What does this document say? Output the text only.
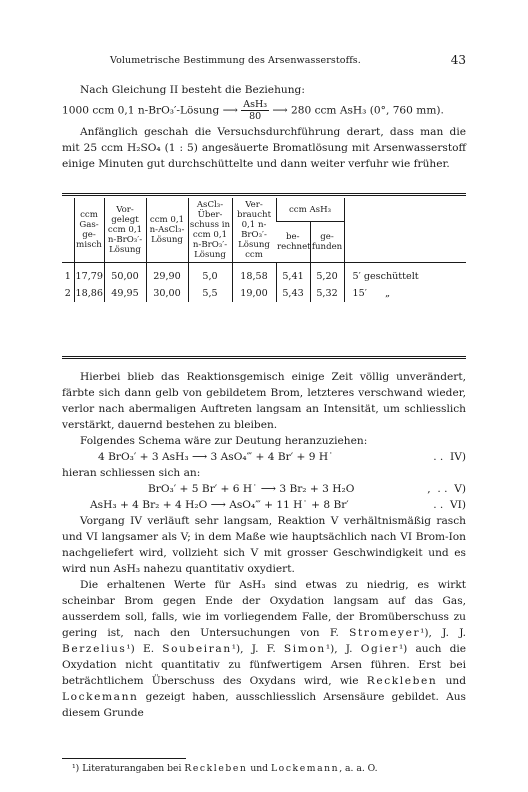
Volumetrische Bestimmung des Arsenwasserstoffs.	43

Nach Gleichung II besteht die Beziehung:

1000 ccm 0,1 n-BrO₃′-Lösung ⟶ $\frac{\text{AsH₃}}{80}$ ⟶ 280 ccm AsH₃ (0°, 760 mm).

Anfänglich geschah die Versuchsdurchführung derart, dass man die mit 25 ccm H₂SO₄ (1 : 5) angesäuerte Bromatlösung mit Arsenwasserstoff einige Minuten gut durchschüttelte und dann weiter verfuhr wie früher.

	ccm Gas-ge-misch	Vor-gelegt ccm 0,1 n-BrO₃′-Lösung	ccm 0,1 n-AsCl₃-Lösung	AsCl₃-Über-schuss in ccm 0,1 n-BrO₃′-Lösung	Ver-braucht 0,1 n-BrO₃′-Lösung ccm	ccm AsH₃		
						be-rechnet	ge-funden	
1	17,79	50,00	29,90	5,0	18,58	5,41	5,20	5′ geschüttelt
2	18,86	49,95	30,00	5,5	19,00	5,43	5,32	15′      „

Hierbei blieb das Reaktionsgemisch einige Zeit völlig unverändert, färbte sich dann gelb von gebildetem Brom, letzteres verschwand wieder, verlor nach abermaligen Auftreten langsam an Intensität, um schliesslich verstärkt, dauernd bestehen zu bleiben.

Folgendes Schema wäre zur Deutung heranzuziehen:

4 BrO₃′ + 3 AsH₃ ⟶ 3 AsO₄‴ + 4 Br′ + 9 H˙	. .  IV)

hieran schliessen sich an:

BrO₃′ + 5 Br′ + 6 H˙ ⟶ 3 Br₂ + 3 H₂O	,  . .  V)

AsH₃ + 4 Br₂ + 4 H₂O ⟶ AsO₄‴ + 11 H˙ + 8 Br′	. .  VI)

Vorgang IV verläuft sehr langsam, Reaktion V verhältnismäßig rasch und VI langsamer als V; in dem Maße wie hauptsächlich nach VI Brom-Ion nachgeliefert wird, vollzieht sich V mit grosser Geschwindigkeit und es wird nun AsH₃ nahezu quantitativ oxydiert.

Die erhaltenen Werte für AsH₃ sind etwas zu niedrig, es wirkt scheinbar Brom gegen Ende der Oxydation langsam auf das Gas, ausserdem soll, falls, wie im vorliegendem Falle, der Bromüberschuss zu gering ist, nach den Untersuchungen von F. Stromeyer¹), J. J. Berzelius¹) E. Soubeiran¹), J. F. Simon¹), J. Ogier¹) auch die Oxydation nicht quantitativ zu fünfwertigem Arsen führen. Erst bei beträchtlichem Überschuss des Oxydans wird, wie Reckleben und Lockemann gezeigt haben, ausschliesslich Arsensäure gebildet. Aus diesem Grunde

¹) Literaturangaben bei Reckleben und Lockemann, a. a. O.
